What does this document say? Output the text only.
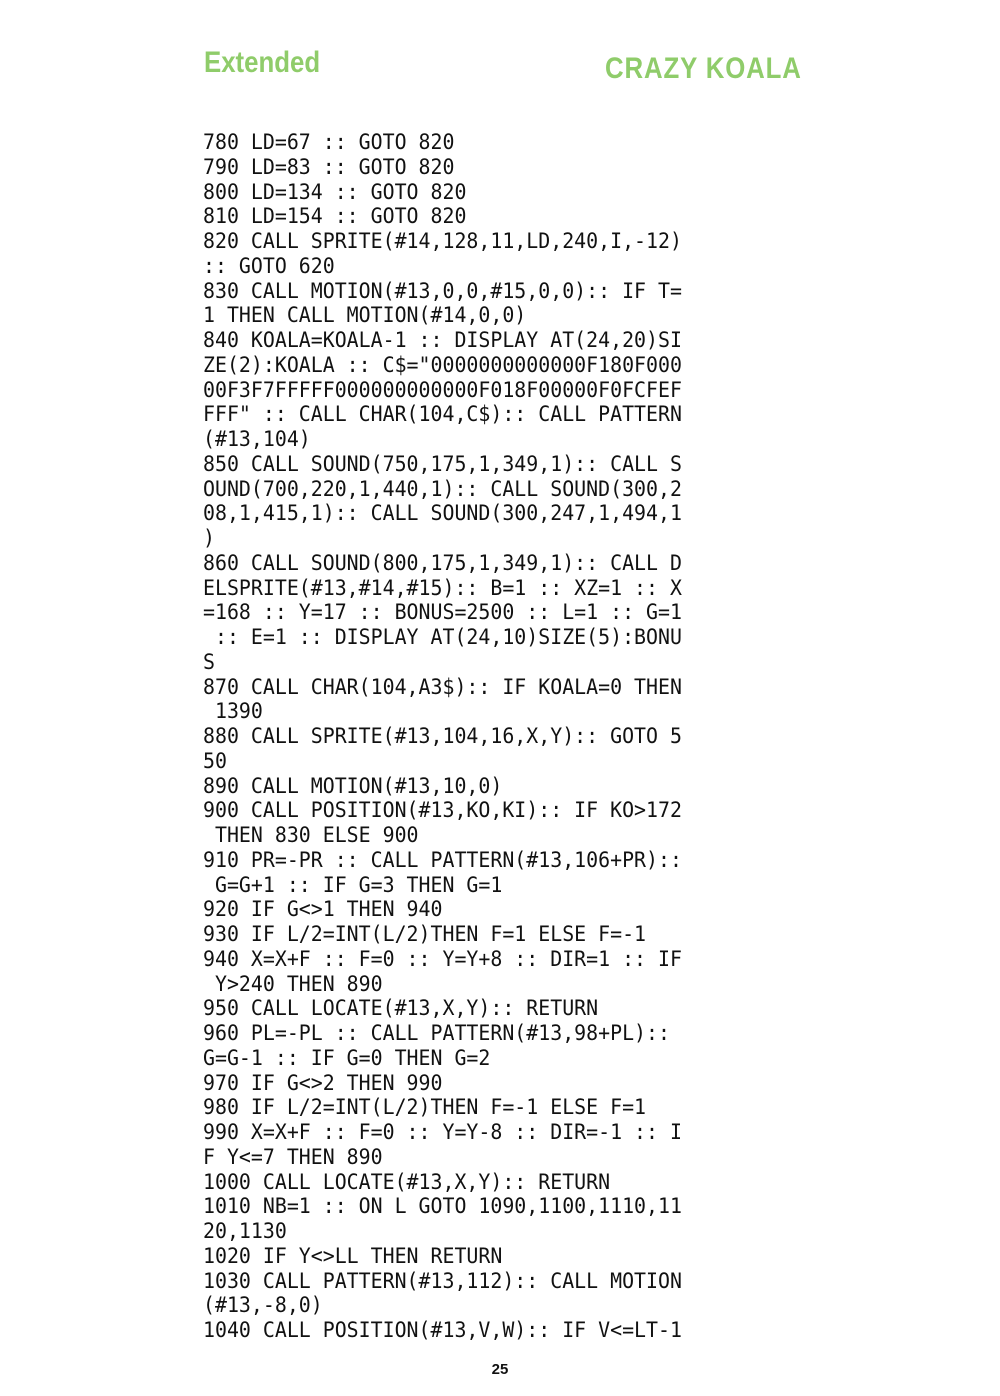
Extended	CRAZY KOALA
780 LD=67 :: GOTO 820
790 LD=83 :: GOTO 820
800 LD=134 :: GOTO 820
810 LD=154 :: GOTO 820
820 CALL SPRITE(#14,128,11,LD,240,I,-12)
:: GOTO 620
830 CALL MOTION(#13,0,0,#15,0,0):: IF T=
1 THEN CALL MOTION(#14,0,0)
840 KOALA=KOALA-1 :: DISPLAY AT(24,20)SI
ZE(2):KOALA :: C$="0000000000000F180F000
00F3F7FFFFF000000000000F018F00000F0FCFEF
FFF" :: CALL CHAR(104,C$):: CALL PATTERN
(#13,104)
850 CALL SOUND(750,175,1,349,1):: CALL S
OUND(700,220,1,440,1):: CALL SOUND(300,2
08,1,415,1):: CALL SOUND(300,247,1,494,1
)
860 CALL SOUND(800,175,1,349,1):: CALL D
ELSPRITE(#13,#14,#15):: B=1 :: XZ=1 :: X
=168 :: Y=17 :: BONUS=2500 :: L=1 :: G=1
:: E=1 :: DISPLAY AT(24,10)SIZE(5):BONU
S
870 CALL CHAR(104,A3$):: IF KOALA=0 THEN
1390
880 CALL SPRITE(#13,104,16,X,Y):: GOTO 5
50
890 CALL MOTION(#13,10,0)
900 CALL POSITION(#13,KO,KI):: IF KO>172
THEN 830 ELSE 900
910 PR=-PR :: CALL PATTERN(#13,106+PR)::
G=G+1 :: IF G=3 THEN G=1
920 IF G<>1 THEN 940
930 IF L/2=INT(L/2)THEN F=1 ELSE F=-1
940 X=X+F :: F=0 :: Y=Y+8 :: DIR=1 :: IF
Y>240 THEN 890
950 CALL LOCATE(#13,X,Y):: RETURN
960 PL=-PL :: CALL PATTERN(#13,98+PL)::
G=G-1 :: IF G=0 THEN G=2
970 IF G<>2 THEN 990
980 IF L/2=INT(L/2)THEN F=-1 ELSE F=1
990 X=X+F :: F=0 :: Y=Y-8 :: DIR=-1 :: I
F Y<=7 THEN 890
1000 CALL LOCATE(#13,X,Y):: RETURN
1010 NB=1 :: ON L GOTO 1090,1100,1110,11
20,1130
1020 IF Y<>LL THEN RETURN
1030 CALL PATTERN(#13,112):: CALL MOTION
(#13,-8,0)
1040 CALL POSITION(#13,V,W):: IF V<=LT-1
25
